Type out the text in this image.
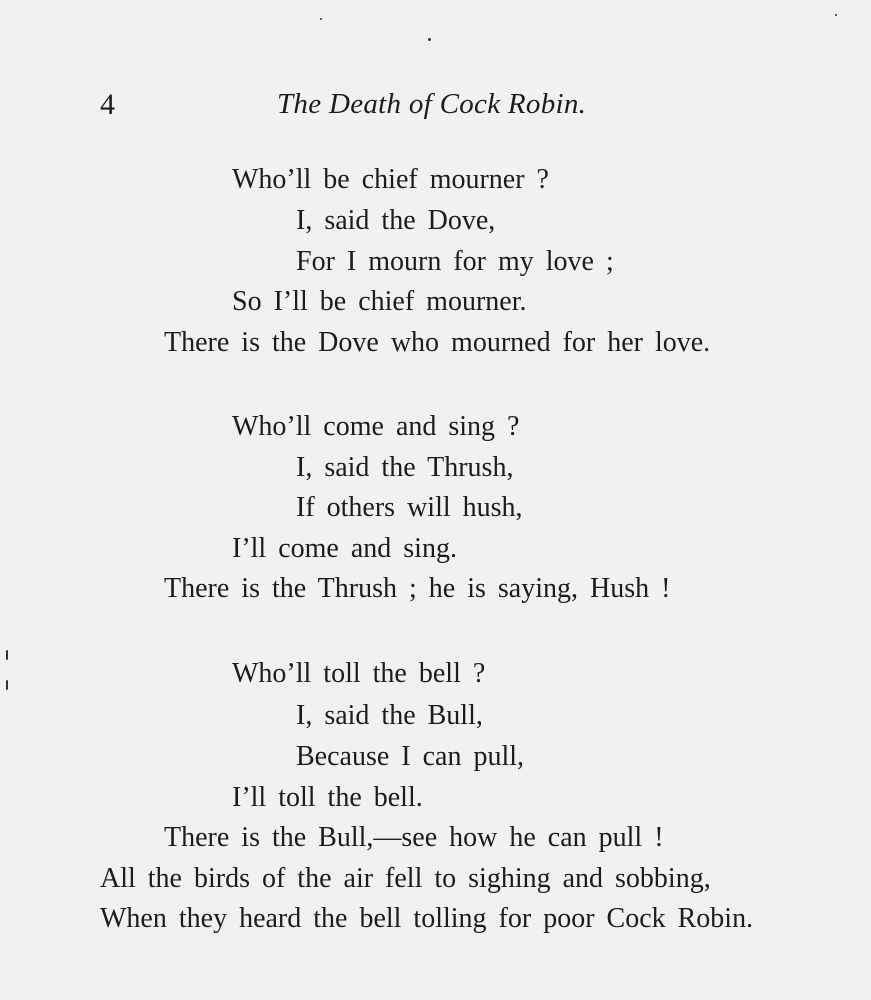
4	The Death of Cock Robin.
Who’ll be chief mourner ?
I, said the Dove,
For I mourn for my love ;
So I’ll be chief mourner.
There is the Dove who mourned for her love.
Who’ll come and sing ?
I, said the Thrush,
If others will hush,
I’ll come and sing.
There is the Thrush ; he is saying, Hush !
Who’ll toll the bell ?
I, said the Bull,
Because I can pull,
I’ll toll the bell.
There is the Bull,—see how he can pull !
All the birds of the air fell to sighing and sobbing,
When they heard the bell tolling for poor Cock Robin.
